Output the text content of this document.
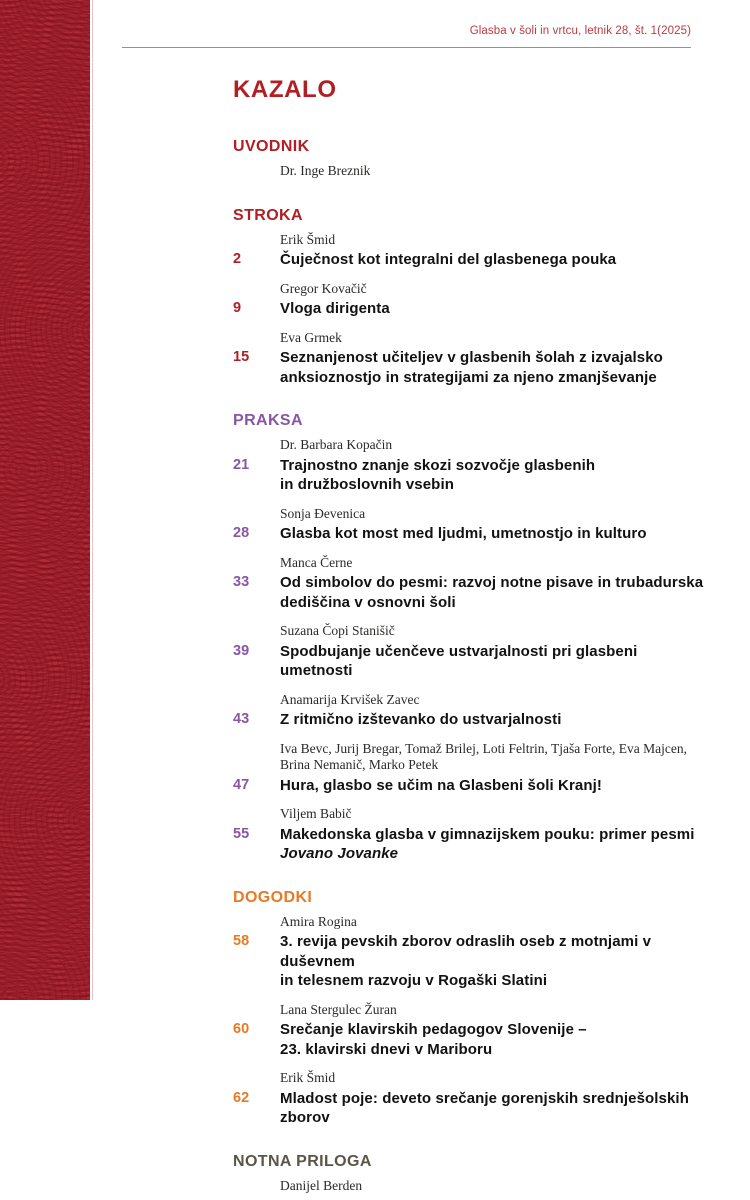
Glasba v šoli in vrtcu, letnik 28, št. 1(2025)
KAZALO
UVODNIK
Dr. Inge Breznik
STROKA
Erik Šmid
2	Čuječnost kot integralni del glasbenega pouka
Gregor Kovačič
9	Vloga dirigenta
Eva Grmek
15	Seznanjenost učiteljev v glasbenih šolah z izvajalsko
anksioznostjo in strategijami za njeno zmanjševanje
PRAKSA
Dr. Barbara Kopačin
21	Trajnostno znanje skozi sozvočje glasbenih
in družboslovnih vsebin
Sonja Đevenica
28	Glasba kot most med ljudmi, umetnostjo in kulturo
Manca Černe
33	Od simbolov do pesmi: razvoj notne pisave in trubadurska
dediščina v osnovni šoli
Suzana Čopi Stanišič
39	Spodbujanje učenčeve ustvarjalnosti pri glasbeni umetnosti
Anamarija Krvišek Zavec
43	Z ritmično izštevanko do ustvarjalnosti
Iva Bevc, Jurij Bregar, Tomaž Brilej, Loti Feltrin, Tjaša Forte, Eva Majcen,
Brina Nemanič, Marko Petek
47	Hura, glasbo se učim na Glasbeni šoli Kranj!
Viljem Babič
55	Makedonska glasba v gimnazijskem pouku: primer pesmi
Jovano Jovanke
DOGODKI
Amira Rogina
58	3. revija pevskih zborov odraslih oseb z motnjami v duševnem
in telesnem razvoju v Rogaški Slatini
Lana Stergulec Žuran
60	Srečanje klavirskih pedagogov Slovenije –
23. klavirski dnevi v Mariboru
Erik Šmid
62	Mladost poje: deveto srečanje gorenjskih srednješolskih zborov
NOTNA PRILOGA
Danijel Berden
